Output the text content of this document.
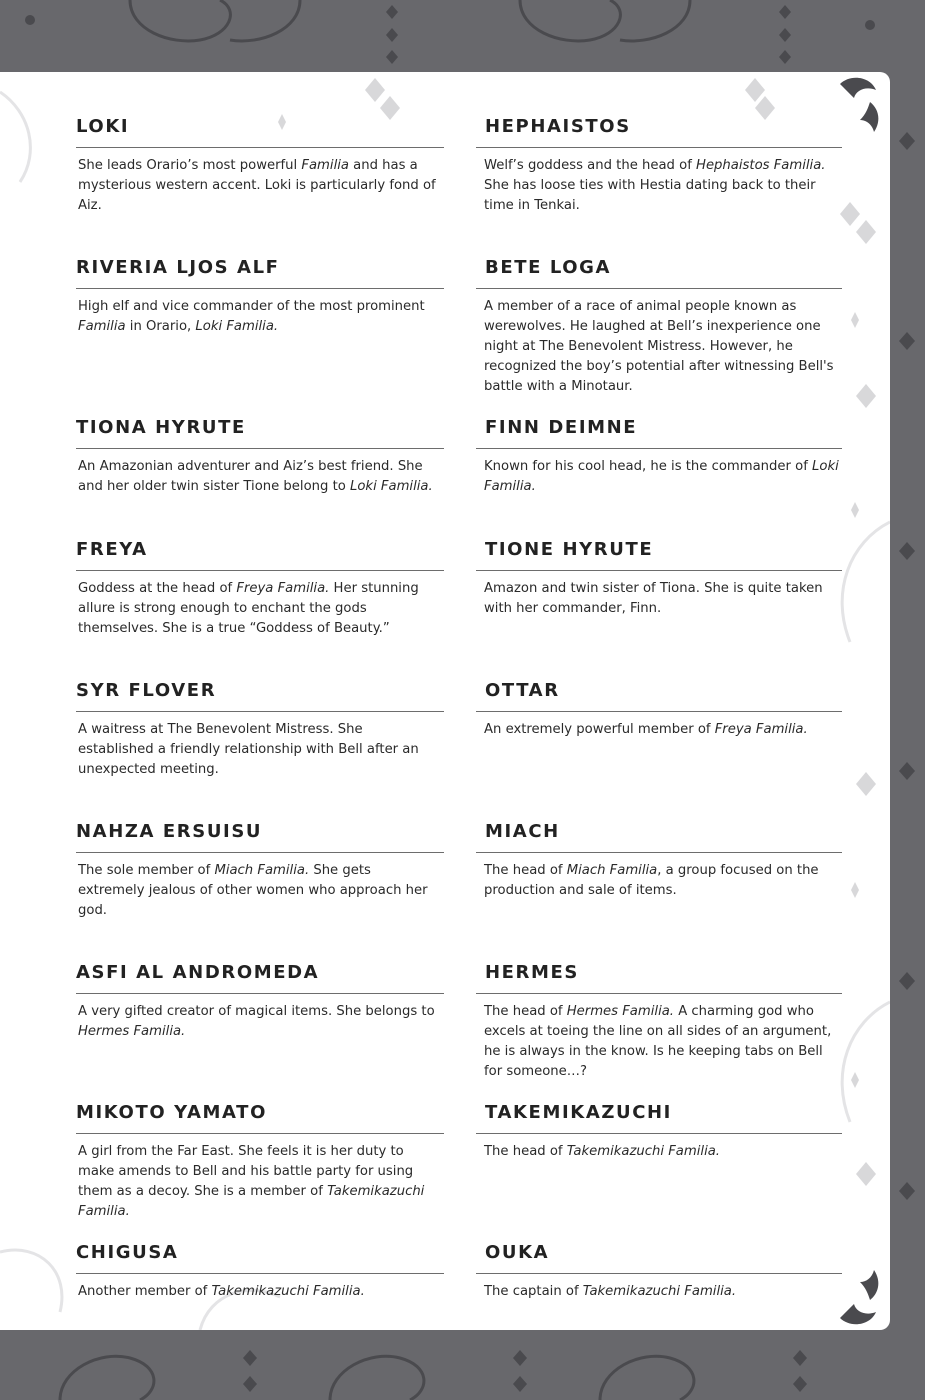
LOKI

She leads Orario’s most powerful Familia and has a mysterious western accent. Loki is particularly fond of Aiz.

HEPHAISTOS

Welf’s goddess and the head of Hephaistos Familia. She has loose ties with Hestia dating back to their time in Tenkai.

RIVERIA LJOS ALF

High elf and vice commander of the most prominent Familia in Orario, Loki Familia.

BETE LOGA

A member of a race of animal people known as werewolves. He laughed at Bell’s inexperience one night at The Benevolent Mistress. However, he recognized the boy’s potential after witnessing Bell's battle with a Minotaur.

TIONA HYRUTE

An Amazonian adventurer and Aiz’s best friend. She and her older twin sister Tione belong to Loki Familia.

FINN DEIMNE

Known for his cool head, he is the commander of Loki Familia.

FREYA

Goddess at the head of Freya Familia. Her stunning allure is strong enough to enchant the gods themselves. She is a true “Goddess of Beauty.”

TIONE HYRUTE

Amazon and twin sister of Tiona. She is quite taken with her commander, Finn.

SYR FLOVER

A waitress at The Benevolent Mistress. She established a friendly relationship with Bell after an unexpected meeting.

OTTAR

An extremely powerful member of Freya Familia.

NAHZA ERSUISU

The sole member of Miach Familia. She gets extremely jealous of other women who approach her god.

MIACH

The head of Miach Familia, a group focused on the production and sale of items.

ASFI AL ANDROMEDA

A very gifted creator of magical items. She belongs to Hermes Familia.

HERMES

The head of Hermes Familia. A charming god who excels at toeing the line on all sides of an argument, he is always in the know. Is he keeping tabs on Bell for someone…?

MIKOTO YAMATO

A girl from the Far East. She feels it is her duty to make amends to Bell and his battle party for using them as a decoy. She is a member of Takemikazuchi Familia.

TAKEMIKAZUCHI

The head of Takemikazuchi Familia.

CHIGUSA

Another member of Takemikazuchi Familia.

OUKA

The captain of Takemikazuchi Familia.
